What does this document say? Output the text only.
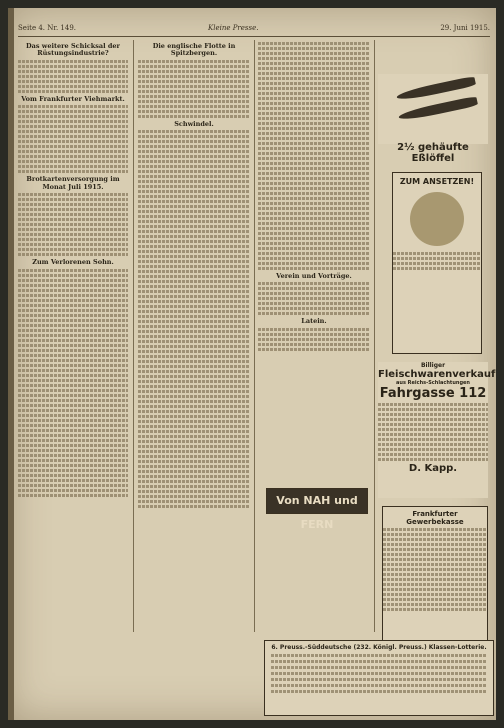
Seite 4. Nr. 149.	Kleine Presse.	29. Juni 1915.
Das weitere Schicksal der Rüstungsindustrie?
Vom Frankfurter Viehmarkt.
Brotkartenversorgung im Monat Juli 1915.
Zum Verlorenen Sohn.
Die englische Flotte in Spitzbergen.
Schwindel.
Verein und Vorträge.
Latein.
Von NAH und FERN
2½ gehäufte Eßlöffel
ZUM ANSETZEN!
Billiger
Fleischwarenverkauf
aus Reichs-Schlachtungen
Fahrgasse 112
D. Kapp.
Frankfurter Gewerbekasse
6. Preuss.-Süddeutsche (232. Königl. Preuss.) Klassen-Lotterie.
